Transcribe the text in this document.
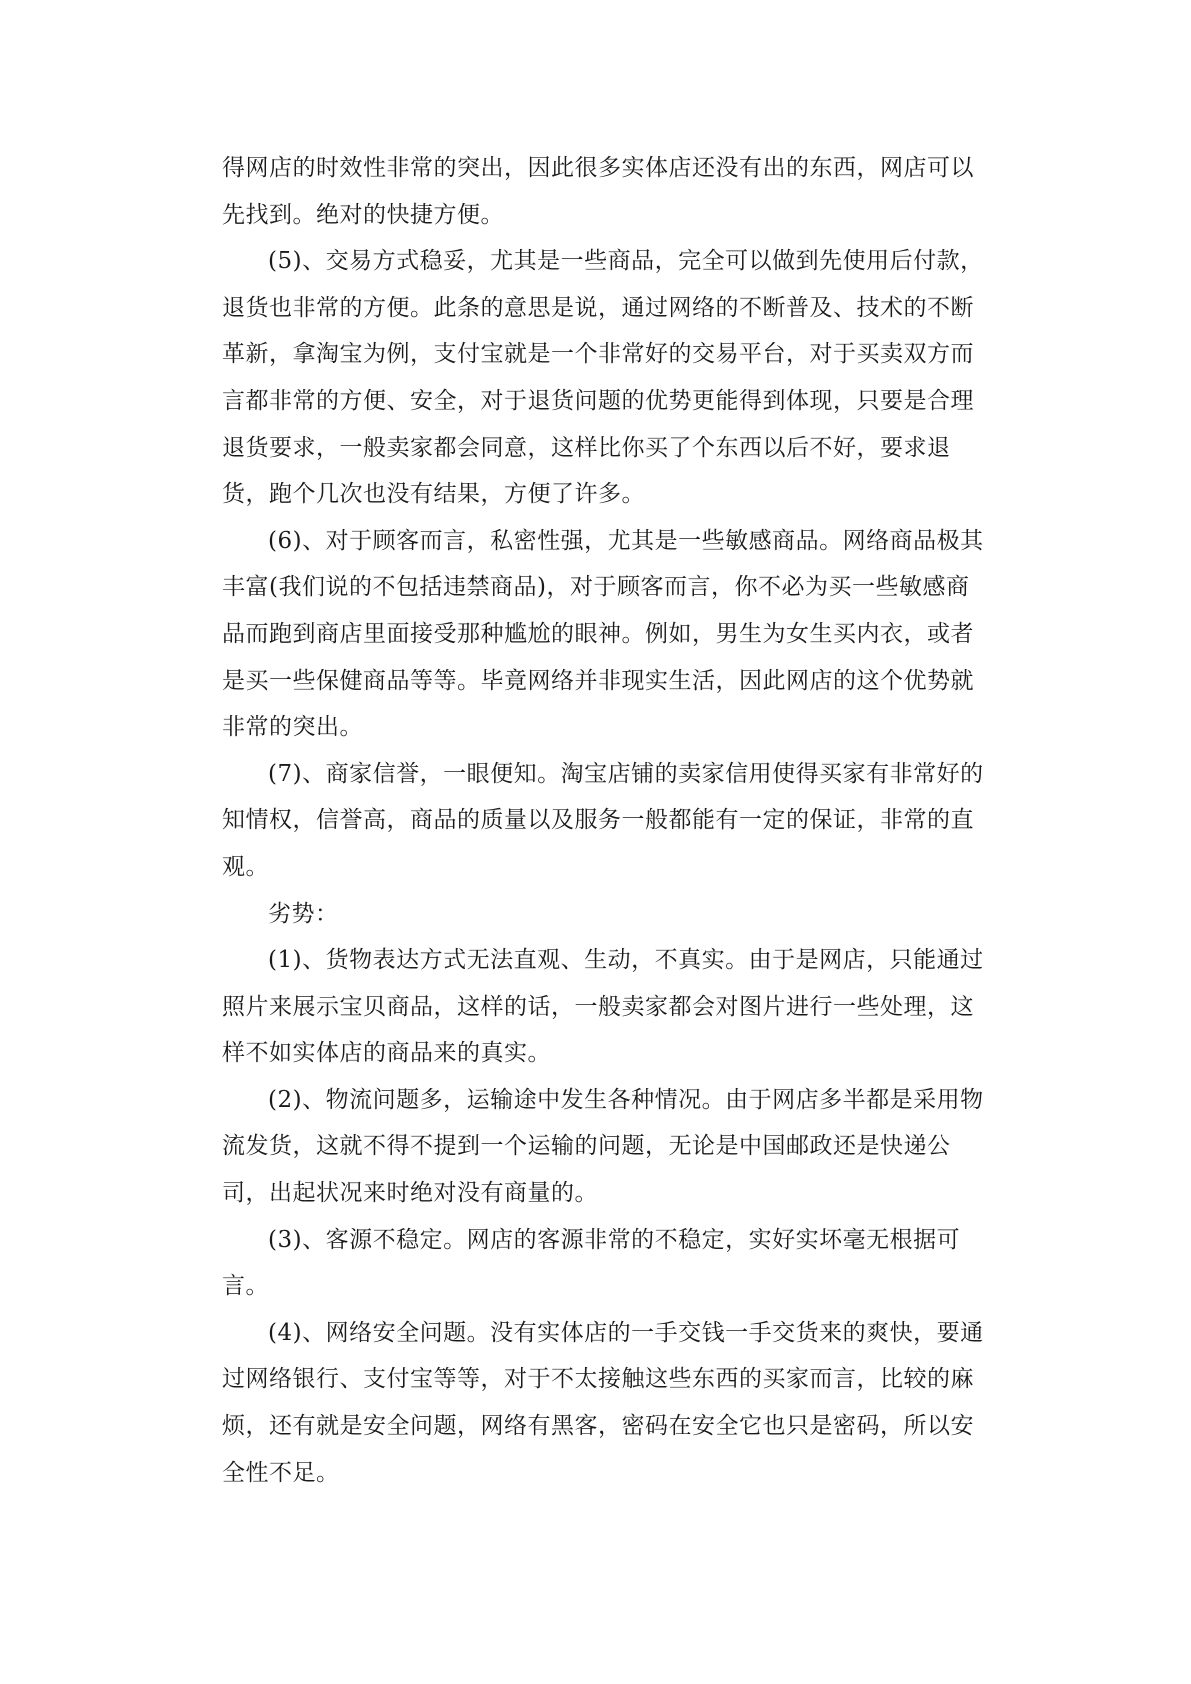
得网店的时效性非常的突出，因此很多实体店还没有出的东西，网店可以
先找到。绝对的快捷方便。

(5)、交易方式稳妥，尤其是一些商品，完全可以做到先使用后付款，
退货也非常的方便。此条的意思是说，通过网络的不断普及、技术的不断
革新，拿淘宝为例，支付宝就是一个非常好的交易平台，对于买卖双方而
言都非常的方便、安全，对于退货问题的优势更能得到体现，只要是合理
退货要求，一般卖家都会同意，这样比你买了个东西以后不好，要求退
货，跑个几次也没有结果，方便了许多。

(6)、对于顾客而言，私密性强，尤其是一些敏感商品。网络商品极其
丰富(我们说的不包括违禁商品)，对于顾客而言，你不必为买一些敏感商
品而跑到商店里面接受那种尴尬的眼神。例如，男生为女生买内衣，或者
是买一些保健商品等等。毕竟网络并非现实生活，因此网店的这个优势就
非常的突出。

(7)、商家信誉，一眼便知。淘宝店铺的卖家信用使得买家有非常好的
知情权，信誉高，商品的质量以及服务一般都能有一定的保证，非常的直
观。

劣势：

(1)、货物表达方式无法直观、生动，不真实。由于是网店，只能通过
照片来展示宝贝商品，这样的话，一般卖家都会对图片进行一些处理，这
样不如实体店的商品来的真实。

(2)、物流问题多，运输途中发生各种情况。由于网店多半都是采用物
流发货，这就不得不提到一个运输的问题，无论是中国邮政还是快递公
司，出起状况来时绝对没有商量的。

(3)、客源不稳定。网店的客源非常的不稳定，实好实坏毫无根据可
言。

(4)、网络安全问题。没有实体店的一手交钱一手交货来的爽快，要通
过网络银行、支付宝等等，对于不太接触这些东西的买家而言，比较的麻
烦，还有就是安全问题，网络有黑客，密码在安全它也只是密码，所以安
全性不足。
